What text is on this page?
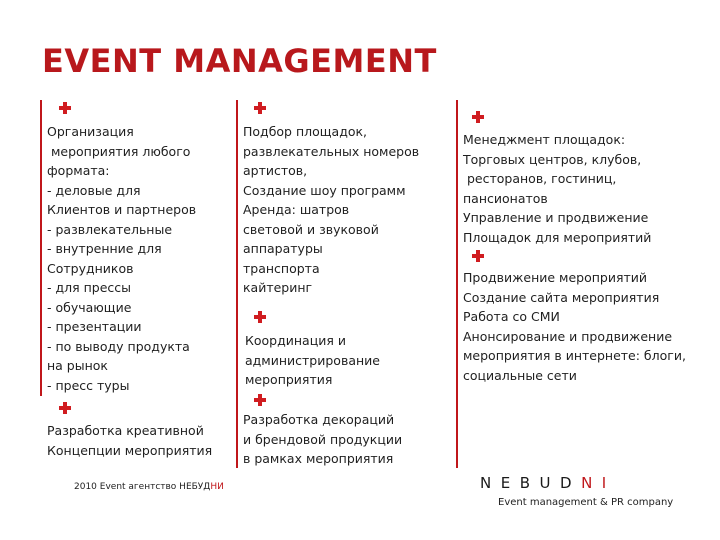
EVENT MANAGEMENT
Организация
мероприятия любого
формата:
- деловые для
Клиентов и партнеров
- развлекательные
- внутренние для
Сотрудников
- для прессы
- обучающие
- презентации
- по выводу продукта
на рынок
- пресс туры
Разработка креативной
Концепции мероприятия
Подбор площадок,
развлекательных номеров
артистов,
Создание шоу программ
Аренда: шатров
световой и звуковой
аппаратуры
транспорта
кайтеринг
Координация и
администрирование
мероприятия
Разработка декораций
и брендовой продукции
в рамках мероприятия
Менеджмент площадок:
Торговых центров, клубов,
ресторанов, гостиниц,
пансионатов
Управление и продвижение
Площадок для мероприятий
Продвижение мероприятий
Создание сайта мероприятия
Работа со СМИ
Анонсирование и продвижение
мероприятия в интернете: блоги,
социальные сети
2010 Event агентство НЕБУДНИ	N E B U D N I
Event management & PR company
